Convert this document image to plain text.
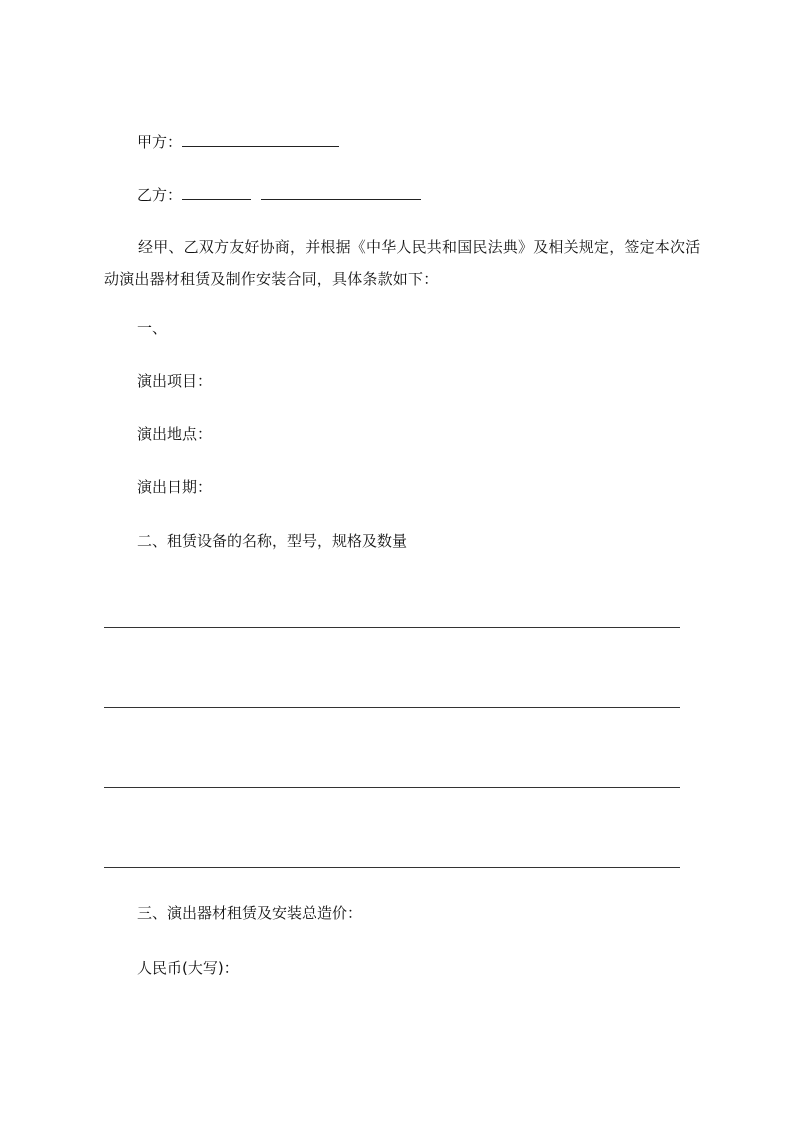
甲方：
乙方：
经甲、乙双方友好协商，并根据《中华人民共和国民法典》及相关规定，签定本次活动演出器材租赁及制作安装合同，具体条款如下：
一、
演出项目：
演出地点：
演出日期：
二、租赁设备的名称，型号，规格及数量
三、演出器材租赁及安装总造价：
人民币(大写)：
